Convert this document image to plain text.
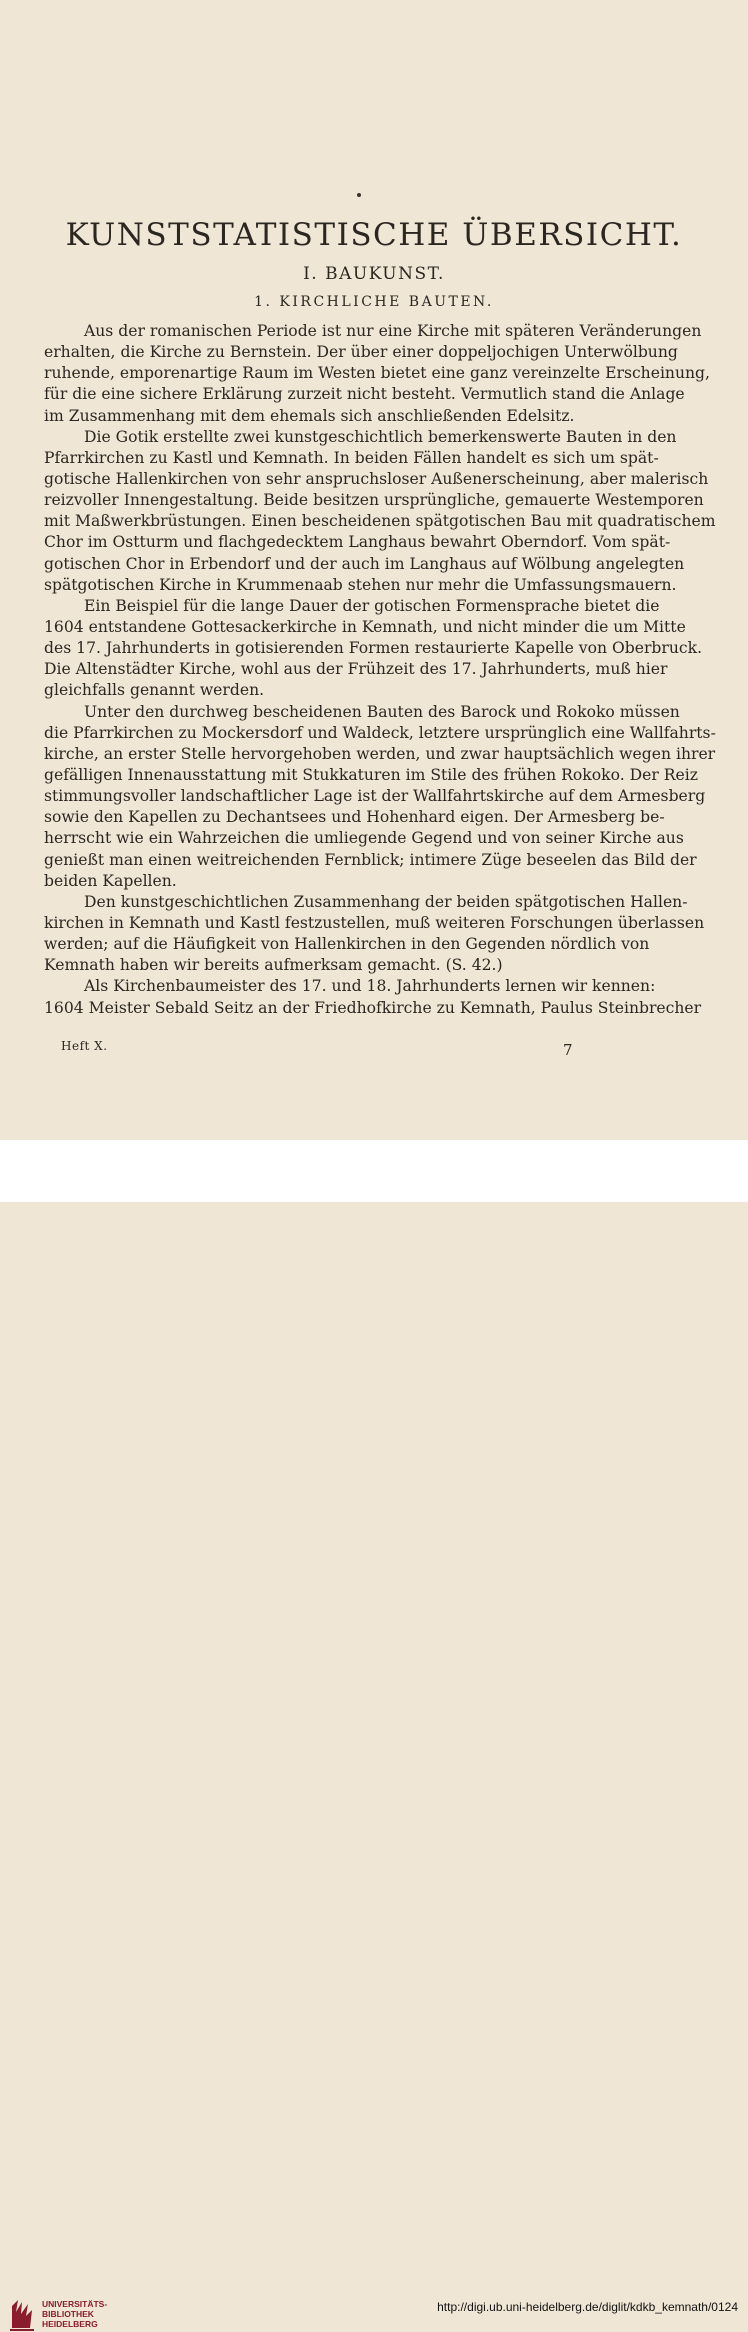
KUNSTSTATISTISCHE ÜBERSICHT.
I. BAUKUNST.
1. KIRCHLICHE BAUTEN.
Aus der romanischen Periode ist nur eine Kirche mit späteren Veränderungen
erhalten, die Kirche zu Bernstein. Der über einer doppeljochigen Unterwölbung
ruhende, emporenartige Raum im Westen bietet eine ganz vereinzelte Erscheinung,
für die eine sichere Erklärung zurzeit nicht besteht. Vermutlich stand die Anlage
im Zusammenhang mit dem ehemals sich anschließenden Edelsitz.
Die Gotik erstellte zwei kunstgeschichtlich bemerkenswerte Bauten in den
Pfarrkirchen zu Kastl und Kemnath. In beiden Fällen handelt es sich um spät-
gotische Hallenkirchen von sehr anspruchsloser Außenerscheinung, aber malerisch
reizvoller Innengestaltung. Beide besitzen ursprüngliche, gemauerte Westemporen
mit Maßwerkbrüstungen. Einen bescheidenen spätgotischen Bau mit quadratischem
Chor im Ostturm und flachgedecktem Langhaus bewahrt Oberndorf. Vom spät-
gotischen Chor in Erbendorf und der auch im Langhaus auf Wölbung angelegten
spätgotischen Kirche in Krummenaab stehen nur mehr die Umfassungsmauern.
Ein Beispiel für die lange Dauer der gotischen Formensprache bietet die
1604 entstandene Gottesackerkirche in Kemnath, und nicht minder die um Mitte
des 17. Jahrhunderts in gotisierenden Formen restaurierte Kapelle von Oberbruck.
Die Altenstädter Kirche, wohl aus der Frühzeit des 17. Jahrhunderts, muß hier
gleichfalls genannt werden.
Unter den durchweg bescheidenen Bauten des Barock und Rokoko müssen
die Pfarrkirchen zu Mockersdorf und Waldeck, letztere ursprünglich eine Wallfahrts-
kirche, an erster Stelle hervorgehoben werden, und zwar hauptsächlich wegen ihrer
gefälligen Innenausstattung mit Stukkaturen im Stile des frühen Rokoko. Der Reiz
stimmungsvoller landschaftlicher Lage ist der Wallfahrtskirche auf dem Armesberg
sowie den Kapellen zu Dechantsees und Hohenhard eigen. Der Armesberg be-
herrscht wie ein Wahrzeichen die umliegende Gegend und von seiner Kirche aus
genießt man einen weitreichenden Fernblick; intimere Züge beseelen das Bild der
beiden Kapellen.
Den kunstgeschichtlichen Zusammenhang der beiden spätgotischen Hallen-
kirchen in Kemnath und Kastl festzustellen, muß weiteren Forschungen überlassen
werden; auf die Häufigkeit von Hallenkirchen in den Gegenden nördlich von
Kemnath haben wir bereits aufmerksam gemacht. (S. 42.)
Als Kirchenbaumeister des 17. und 18. Jahrhunderts lernen wir kennen:
1604 Meister Sebald Seitz an der Friedhofkirche zu Kemnath, Paulus Steinbrecher
Heft X.	7
UNIVERSITÄTS-
BIBLIOTHEK
HEIDELBERG
http://digi.ub.uni-heidelberg.de/diglit/kdkb_kemnath/0124
